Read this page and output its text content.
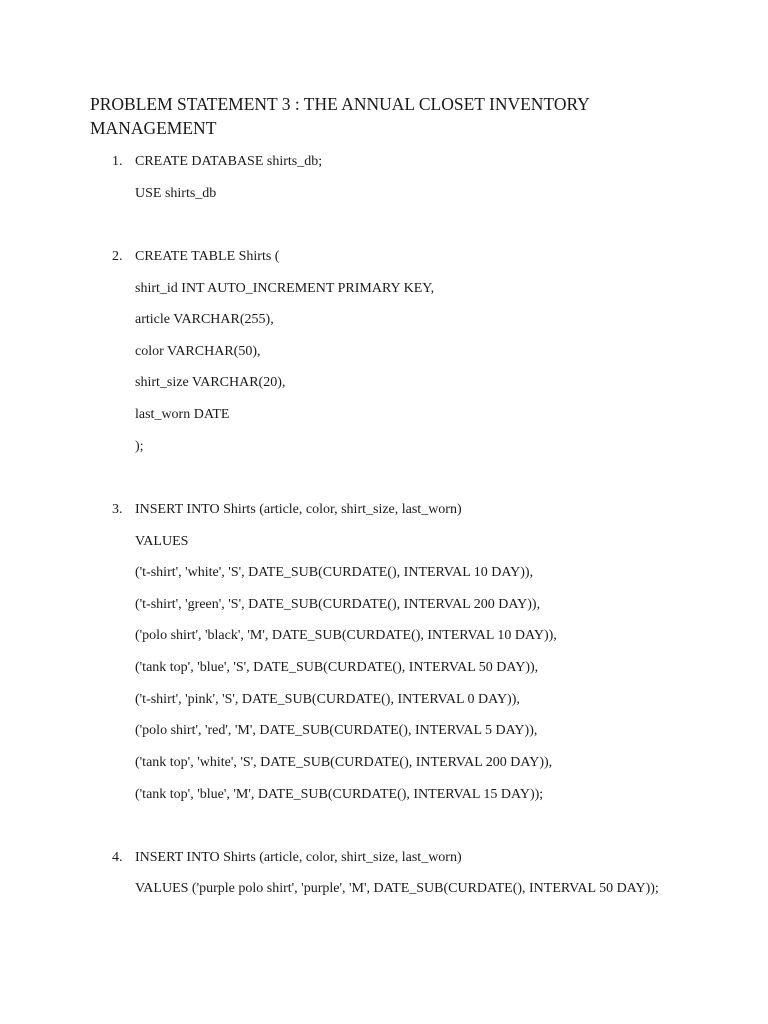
PROBLEM STATEMENT 3 : THE ANNUAL CLOSET INVENTORY MANAGEMENT
1. CREATE DATABASE shirts_db;
USE shirts_db
2. CREATE TABLE Shirts (
shirt_id INT AUTO_INCREMENT PRIMARY KEY,
article VARCHAR(255),
color VARCHAR(50),
shirt_size VARCHAR(20),
last_worn DATE
);
3. INSERT INTO Shirts (article, color, shirt_size, last_worn)
VALUES
('t-shirt', 'white', 'S', DATE_SUB(CURDATE(), INTERVAL 10 DAY)),
('t-shirt', 'green', 'S', DATE_SUB(CURDATE(), INTERVAL 200 DAY)),
('polo shirt', 'black', 'M', DATE_SUB(CURDATE(), INTERVAL 10 DAY)),
('tank top', 'blue', 'S', DATE_SUB(CURDATE(), INTERVAL 50 DAY)),
('t-shirt', 'pink', 'S', DATE_SUB(CURDATE(), INTERVAL 0 DAY)),
('polo shirt', 'red', 'M', DATE_SUB(CURDATE(), INTERVAL 5 DAY)),
('tank top', 'white', 'S', DATE_SUB(CURDATE(), INTERVAL 200 DAY)),
('tank top', 'blue', 'M', DATE_SUB(CURDATE(), INTERVAL 15 DAY));
4. INSERT INTO Shirts (article, color, shirt_size, last_worn)
VALUES ('purple polo shirt', 'purple', 'M', DATE_SUB(CURDATE(), INTERVAL 50 DAY));
